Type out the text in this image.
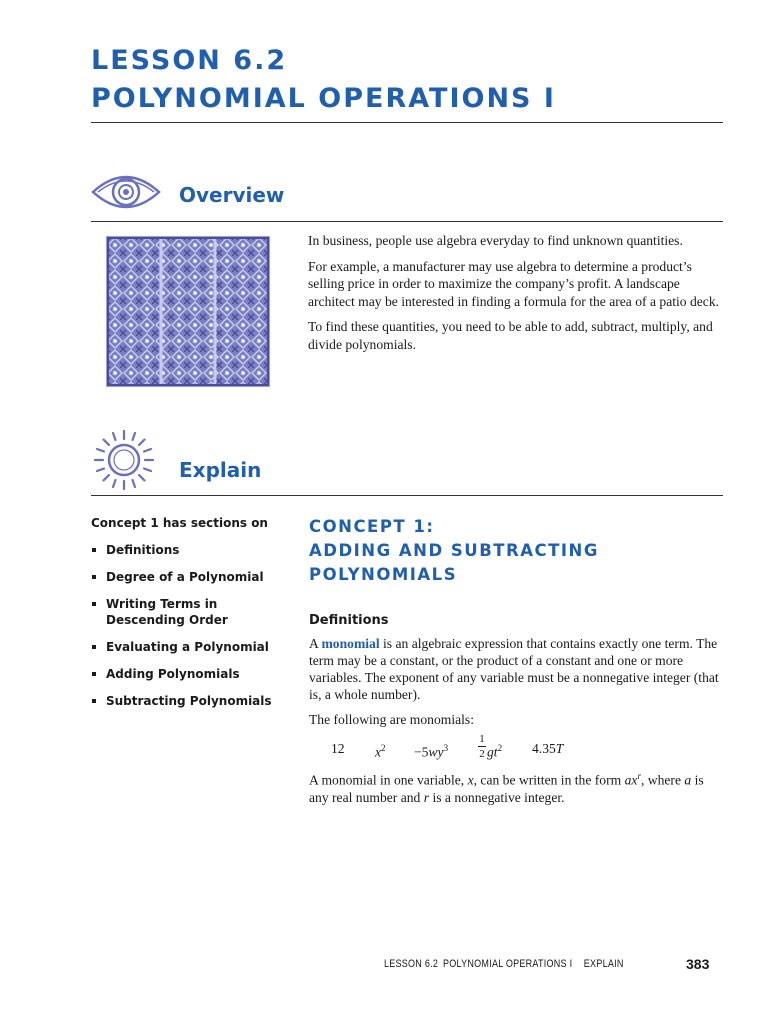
LESSON 6.2
POLYNOMIAL OPERATIONS I
Overview

In business, people use algebra everyday to find unknown quantities.

For example, a manufacturer may use algebra to determine a product’s selling price in order to maximize the company’s profit. A landscape architect may be interested in finding a formula for the area of a patio deck.

To find these quantities, you need to be able to add, subtract, multiply, and divide polynomials.

Explain
Concept 1 has sections on
Definitions
Degree of a Polynomial
Writing Terms in Descending Order
Evaluating a Polynomial
Adding Polynomials
Subtracting Polynomials
CONCEPT 1:
ADDING AND SUBTRACTING
POLYNOMIALS
Definitions

A monomial is an algebraic expression that contains exactly one term. The term may be a constant, or the product of a constant and one or more variables. The exponent of any variable must be a nonnegative integer (that is, a whole number).

The following are monomials:

12 $x^2 -5wy^3$
1
2 $gt^2$ 4.35T
A monomial in one variable, x, can be written in the form $ax^r$, where a is any real number and r is a nonnegative integer.
LESSON 6.2 POLYNOMIAL OPERATIONS I EXPLAIN	383
